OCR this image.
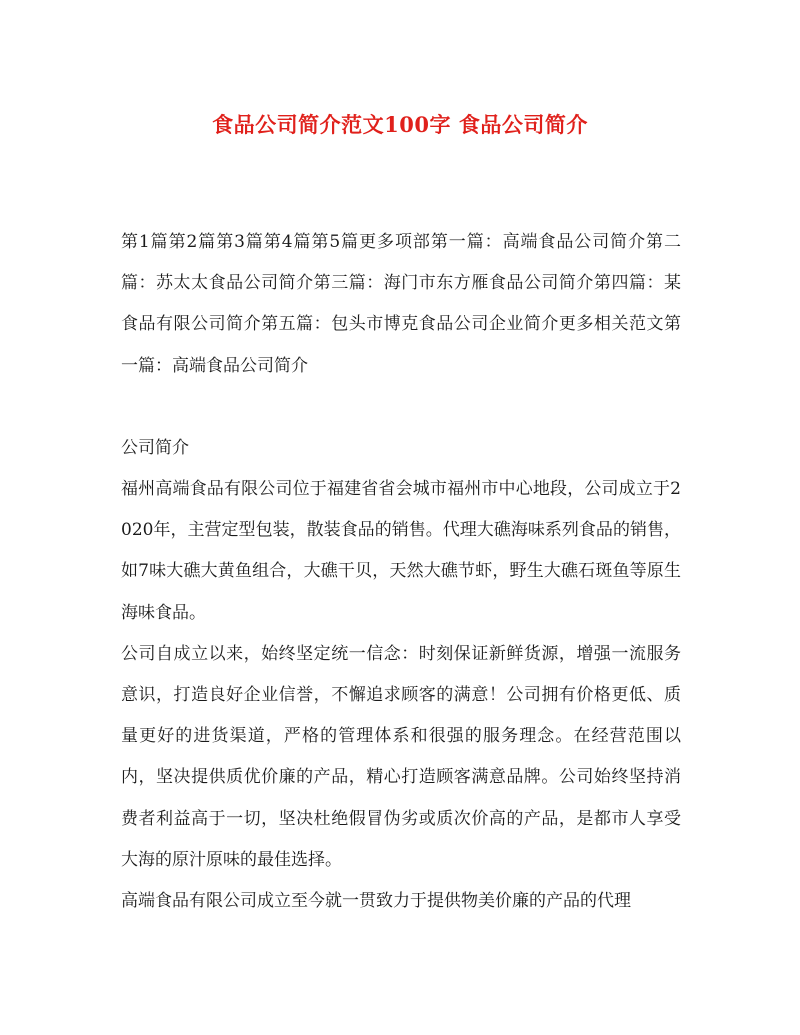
食品公司简介范文100字 食品公司简介

第1篇第2篇第3篇第4篇第5篇更多项部第一篇：高端食品公司简介第二篇：苏太太食品公司简介第三篇：海门市东方雁食品公司简介第四篇：某食品有限公司简介第五篇：包头市博克食品公司企业简介更多相关范文第一篇：高端食品公司简介

公司简介

福州高端食品有限公司位于福建省省会城市福州市中心地段，公司成立于2020年，主营定型包装，散装食品的销售。代理大礁海味系列食品的销售，如7味大礁大黄鱼组合，大礁干贝，天然大礁节虾，野生大礁石斑鱼等原生海味食品。

公司自成立以来，始终坚定统一信念：时刻保证新鲜货源，增强一流服务意识，打造良好企业信誉，不懈追求顾客的满意！公司拥有价格更低、质量更好的进货渠道，严格的管理体系和很强的服务理念。在经营范围以内，坚决提供质优价廉的产品，精心打造顾客满意品牌。公司始终坚持消费者利益高于一切，坚决杜绝假冒伪劣或质次价高的产品，是都市人享受大海的原汁原味的最佳选择。

高端食品有限公司成立至今就一贯致力于提供物美价廉的产品的代理
